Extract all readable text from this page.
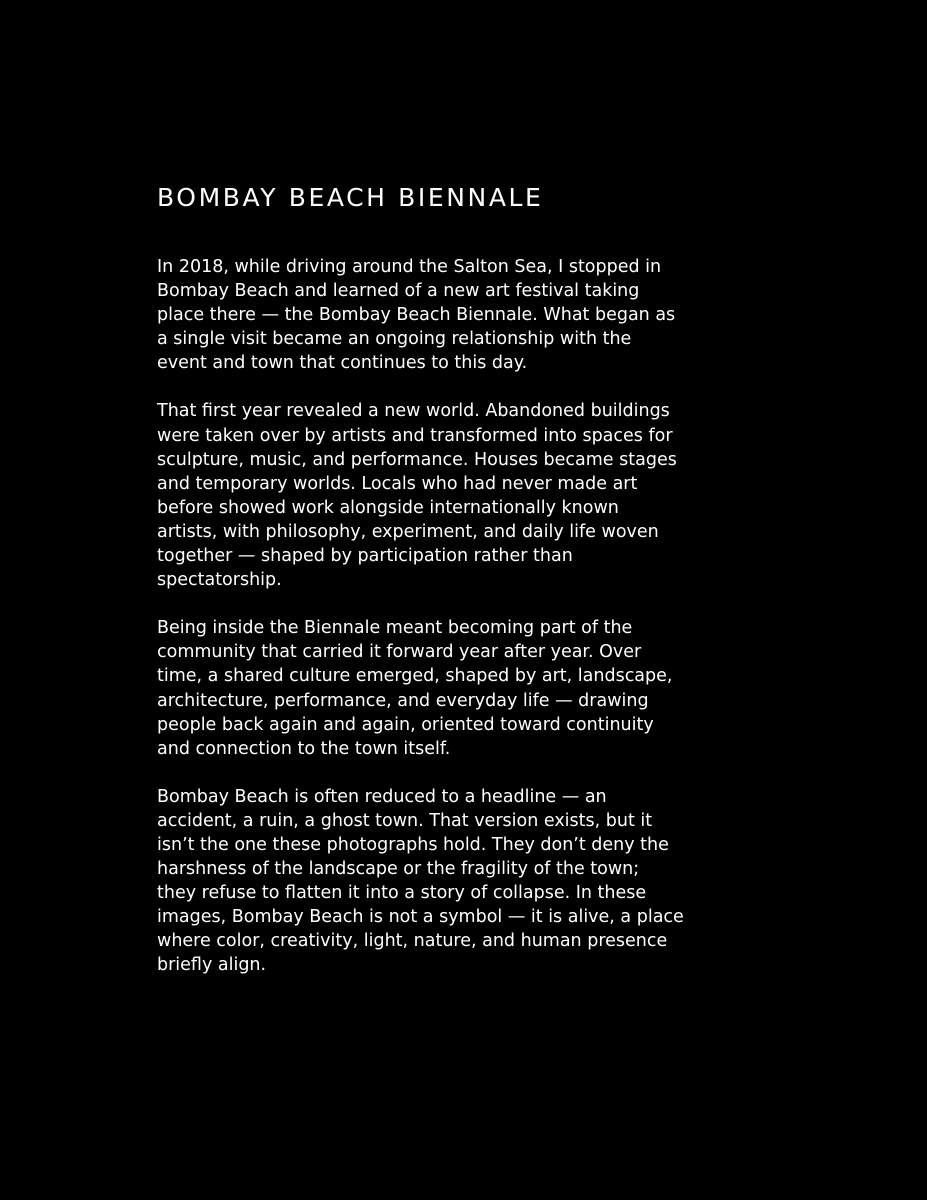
BOMBAY BEACH BIENNALE

In 2018, while driving around the Salton Sea, I stopped in
Bombay Beach and learned of a new art festival taking
place there — the Bombay Beach Biennale. What began as
a single visit became an ongoing relationship with the
event and town that continues to this day.

That first year revealed a new world. Abandoned buildings
were taken over by artists and transformed into spaces for
sculpture, music, and performance. Houses became stages
and temporary worlds. Locals who had never made art
before showed work alongside internationally known
artists, with philosophy, experiment, and daily life woven
together — shaped by participation rather than
spectatorship.

Being inside the Biennale meant becoming part of the
community that carried it forward year after year. Over
time, a shared culture emerged, shaped by art, landscape,
architecture, performance, and everyday life — drawing
people back again and again, oriented toward continuity
and connection to the town itself.

Bombay Beach is often reduced to a headline — an
accident, a ruin, a ghost town. That version exists, but it
isn’t the one these photographs hold. They don’t deny the
harshness of the landscape or the fragility of the town;
they refuse to flatten it into a story of collapse. In these
images, Bombay Beach is not a symbol — it is alive, a place
where color, creativity, light, nature, and human presence
briefly align.
